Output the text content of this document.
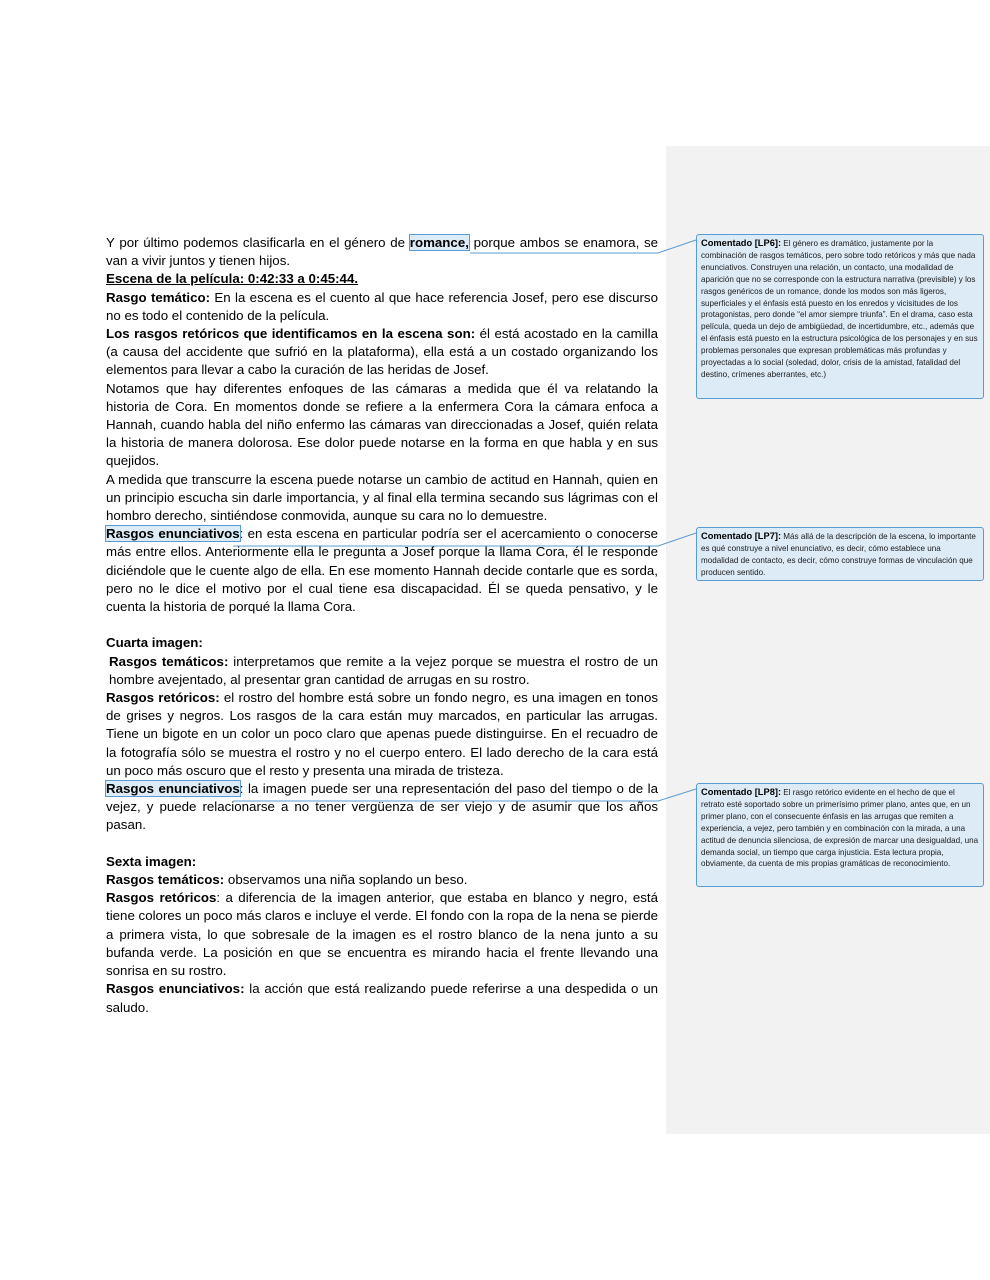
Y por último podemos clasificarla en el género de romance, porque ambos se enamora, se van a vivir juntos y tienen hijos.

Escena de la película: 0:42:33 a 0:45:44.

Rasgo temático: En la escena es el cuento al que hace referencia Josef, pero ese discurso no es todo el contenido de la película.

Los rasgos retóricos que identificamos en la escena son: él está acostado en la camilla (a causa del accidente que sufrió en la plataforma), ella está a un costado organizando los elementos para llevar a cabo la curación de las heridas de Josef.

Notamos que hay diferentes enfoques de las cámaras a medida que él va relatando la historia de Cora. En momentos donde se refiere a la enfermera Cora la cámara enfoca a Hannah, cuando habla del niño enfermo las cámaras van direccionadas a Josef, quién relata la historia de manera dolorosa. Ese dolor puede notarse en la forma en que habla y en sus quejidos.

A medida que transcurre la escena puede notarse un cambio de actitud en Hannah, quien en un principio escucha sin darle importancia, y al final ella termina secando sus lágrimas con el hombro derecho, sintiéndose conmovida, aunque su cara no lo demuestre.

Rasgos enunciativos: en esta escena en particular podría ser el acercamiento o conocerse más entre ellos. Anteriormente ella le pregunta a Josef porque la llama Cora, él le responde diciéndole que le cuente algo de ella. En ese momento Hannah decide contarle que es sorda, pero no le dice el motivo por el cual tiene esa discapacidad. Él se queda pensativo, y le cuenta la historia de porqué la llama Cora.

Cuarta imagen:

Rasgos temáticos: interpretamos que remite a la vejez porque se muestra el rostro de un hombre avejentado, al presentar gran cantidad de arrugas en su rostro.

Rasgos retóricos: el rostro del hombre está sobre un fondo negro, es una imagen en tonos de grises y negros. Los rasgos de la cara están muy marcados, en particular las arrugas. Tiene un bigote en un color un poco claro que apenas puede distinguirse. En el recuadro de la fotografía sólo se muestra el rostro y no el cuerpo entero. El lado derecho de la cara está un poco más oscuro que el resto y presenta una mirada de tristeza.

Rasgos enunciativos: la imagen puede ser una representación del paso del tiempo o de la vejez, y puede relacionarse a no tener vergüenza de ser viejo y de asumir que los años pasan.

Sexta imagen:

Rasgos temáticos: observamos una niña soplando un beso.

Rasgos retóricos: a diferencia de la imagen anterior, que estaba en blanco y negro, está tiene colores un poco más claros e incluye el verde. El fondo con la ropa de la nena se pierde a primera vista, lo que sobresale de la imagen es el rostro blanco de la nena junto a su bufanda verde. La posición en que se encuentra es mirando hacia el frente llevando una sonrisa en su rostro.

Rasgos enunciativos: la acción que está realizando puede referirse a una despedida o un saludo.

Comentado [LP6]: El género es dramático, justamente por la combinación de rasgos temáticos, pero sobre todo retóricos y más que nada enunciativos. Construyen una relación, un contacto, una modalidad de aparición que no se corresponde con la estructura narrativa (previsible) y los rasgos genéricos de un romance, donde los modos son más ligeros, superficiales y el énfasis está puesto en los enredos y vicisitudes de los protagonistas, pero donde “el amor siempre triunfa”. En el drama, caso esta película, queda un dejo de ambigüedad, de incertidumbre, etc., además que el énfasis está puesto en la estructura psicológica de los personajes y en sus problemas personales que expresan problemáticas más profundas y proyectadas a lo social (soledad, dolor, crisis de la amistad, fatalidad del destino, crímenes aberrantes, etc.)
Comentado [LP7]: Más allá de la descripción de la escena, lo importante es qué construye a nivel enunciativo, es decir, cómo establece una modalidad de contacto, es decir, cómo construye formas de vinculación que producen sentido.
Comentado [LP8]: El rasgo retórico evidente en el hecho de que el retrato esté soportado sobre un primerísimo primer plano, antes que, en un primer plano, con el consecuente énfasis en las arrugas que remiten a experiencia, a vejez, pero también y en combinación con la mirada, a una actitud de denuncia silenciosa, de expresión de marcar una desigualdad, una demanda social, un tiempo que carga injusticia. Esta lectura propia, obviamente, da cuenta de mis propias gramáticas de reconocimiento.
